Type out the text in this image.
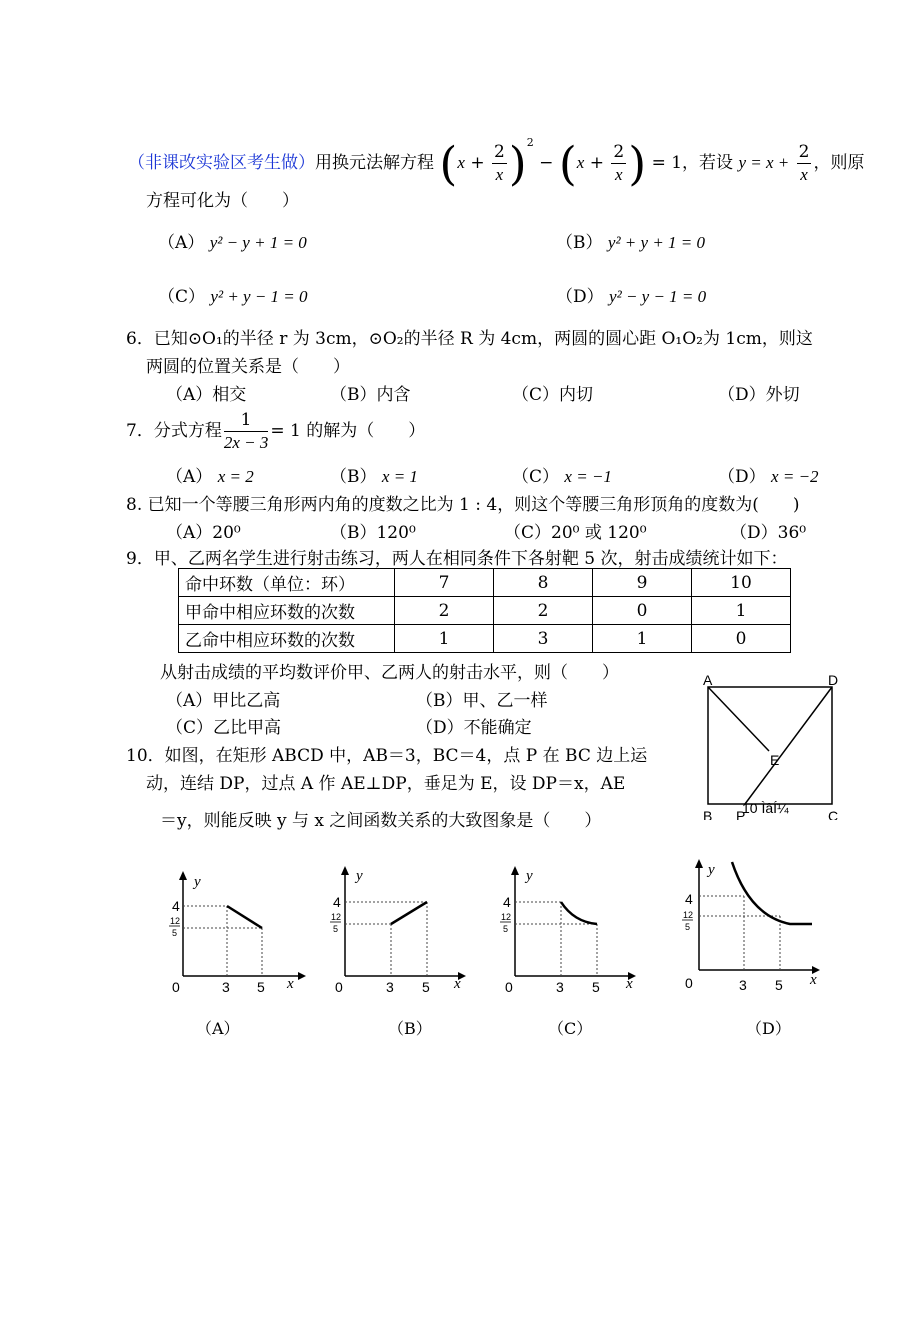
（非课改实验区考生做）用换元法解方程 $(x + \frac{2}{x} )^2 - (x + \frac{2}{x}$ ) = 1，若设 $y = x + \frac{2}{x}$ ，则原
方程可化为（　　）
（A） y² − y + 1 = 0	（B） y² + y + 1 = 0
（C） y² + y − 1 = 0	（D） y² − y − 1 = 0
6．已知⊙O₁的半径 r 为 3cm，⊙O₂的半径 R 为 4cm，两圆的圆心距 O₁O₂为 1cm，则这
两圆的位置关系是（　　）
（A）相交	（B）内含	（C）内切	（D）外切
7．分式方程 $\frac{1}{2x - 3} = 1$ 的解为（　　）
（A） x = 2	（B） x = 1	（C） x = −1	（D） x = −2
8. 已知一个等腰三角形两内角的度数之比为 1 : 4，则这个等腰三角形顶角的度数为(　　)
（A）20⁰	（B）120⁰	（C）20⁰ 或 120⁰	（D）36⁰
9．甲、乙两名学生进行射击练习，两人在相同条件下各射靶 5 次，射击成绩统计如下：
命中环数（单位：环）	7	8	9	10
甲命中相应环数的次数	2	2	0	1
乙命中相应环数的次数	1	3	1	0
从射击成绩的平均数评价甲、乙两人的射击水平，则（　　）
（A）甲比乙高	（B）甲、乙一样
（C）乙比甲高	（D）不能确定
10．如图，在矩形 ABCD 中，AB＝3，BC＝4，点 P 在 BC 边上运
动，连结 DP，过点 A 作 AE⊥DP，垂足为 E，设 DP＝x，AE
＝y，则能反映 y 与 x 之间函数关系的大致图象是（　　）
A	D
E
B P	C
10 ÌâÍ¼
y
x
0	3 5
4
12
5
y
x
0	3 5
4
12
5
y
x
0	3 5
4
12
5
y
x
0	3 5
4
12
5
（A）	（B）	（C）	（D）
